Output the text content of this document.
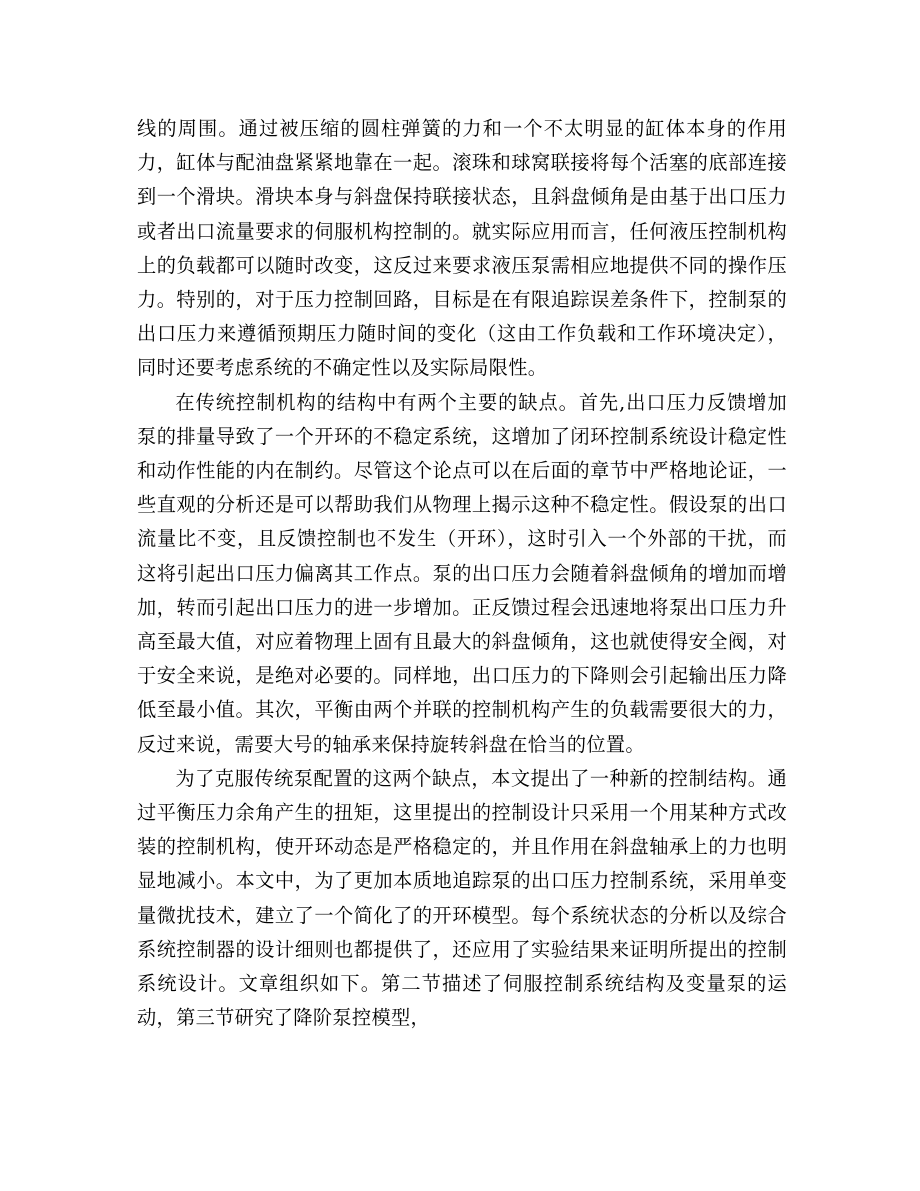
线的周围。通过被压缩的圆柱弹簧的力和一个不太明显的缸体本身的作用力，缸体与配油盘紧紧地靠在一起。滚珠和球窝联接将每个活塞的底部连接到一个滑块。滑块本身与斜盘保持联接状态，且斜盘倾角是由基于出口压力或者出口流量要求的伺服机构控制的。就实际应用而言，任何液压控制机构上的负载都可以随时改变，这反过来要求液压泵需相应地提供不同的操作压力。特别的，对于压力控制回路，目标是在有限追踪误差条件下，控制泵的出口压力来遵循预期压力随时间的变化（这由工作负载和工作环境决定），同时还要考虑系统的不确定性以及实际局限性。

在传统控制机构的结构中有两个主要的缺点。首先,出口压力反馈增加泵的排量导致了一个开环的不稳定系统，这增加了闭环控制系统设计稳定性和动作性能的内在制约。尽管这个论点可以在后面的章节中严格地论证，一些直观的分析还是可以帮助我们从物理上揭示这种不稳定性。假设泵的出口流量比不变，且反馈控制也不发生（开环），这时引入一个外部的干扰，而这将引起出口压力偏离其工作点。泵的出口压力会随着斜盘倾角的增加而增加，转而引起出口压力的进一步增加。正反馈过程会迅速地将泵出口压力升高至最大值，对应着物理上固有且最大的斜盘倾角，这也就使得安全阀，对于安全来说，是绝对必要的。同样地，出口压力的下降则会引起输出压力降低至最小值。其次，平衡由两个并联的控制机构产生的负载需要很大的力，反过来说，需要大号的轴承来保持旋转斜盘在恰当的位置。

为了克服传统泵配置的这两个缺点，本文提出了一种新的控制结构。通过平衡压力余角产生的扭矩，这里提出的控制设计只采用一个用某种方式改装的控制机构，使开环动态是严格稳定的，并且作用在斜盘轴承上的力也明显地减小。本文中，为了更加本质地追踪泵的出口压力控制系统，采用单变量微扰技术，建立了一个简化了的开环模型。每个系统状态的分析以及综合系统控制器的设计细则也都提供了，还应用了实验结果来证明所提出的控制系统设计。文章组织如下。第二节描述了伺服控制系统结构及变量泵的运动，第三节研究了降阶泵控模型，
